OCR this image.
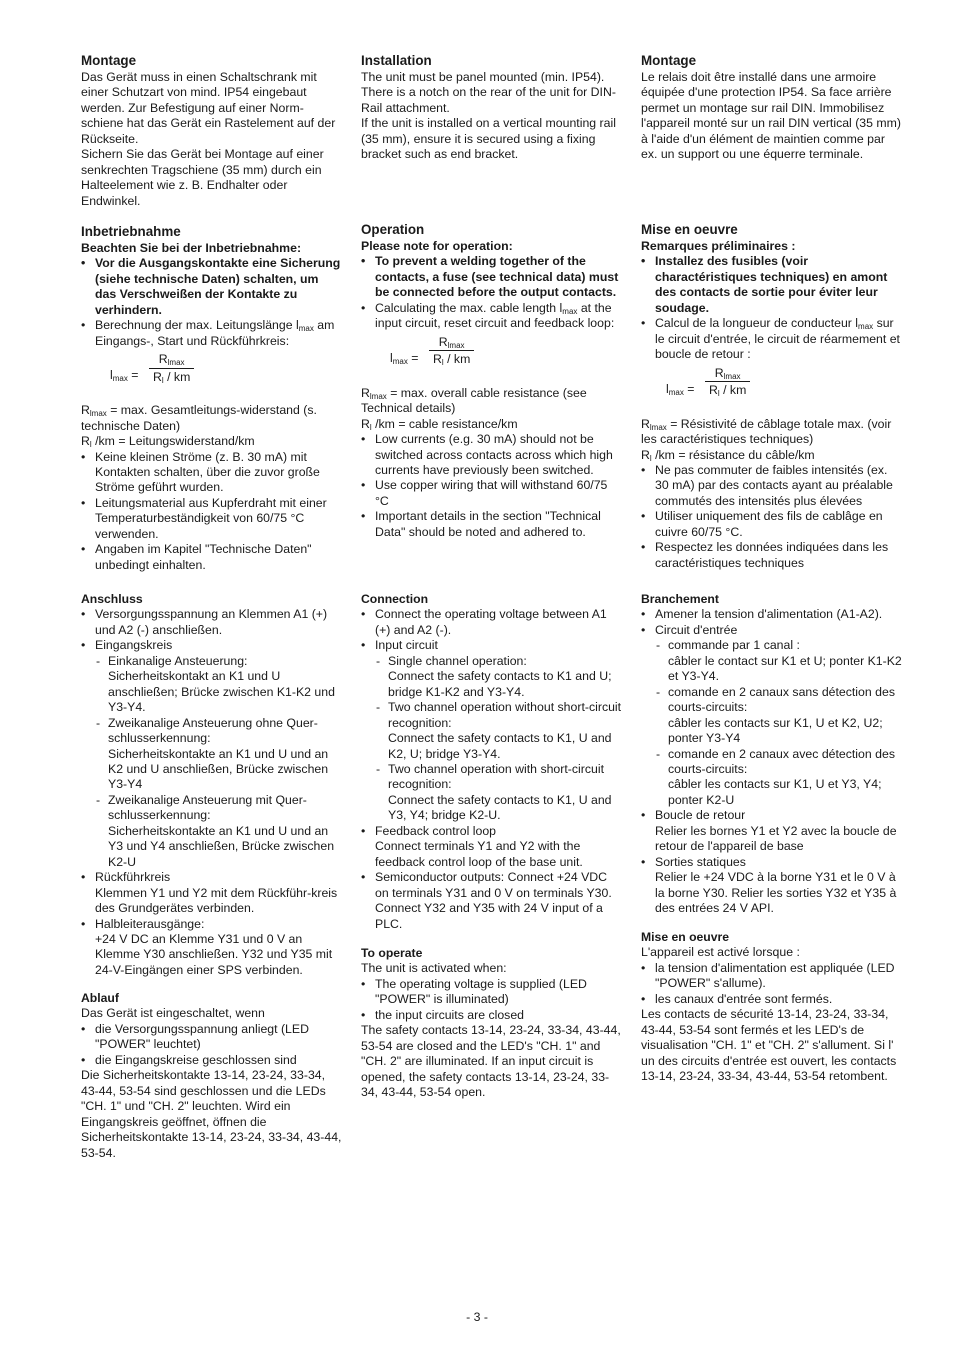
Montage

Das Gerät muss in einen Schaltschrank mit einer Schutzart von mind. IP54 eingebaut werden. Zur Befestigung auf einer Norm-schiene hat das Gerät ein Rastelement auf der Rückseite.
Sichern Sie das Gerät bei Montage auf einer senkrechten Tragschiene (35 mm) durch ein Halteelement wie z. B. Endhalter oder Endwinkel.

Inbetriebnahme

Beachten Sie bei der Inbetriebnahme:

• Vor die Ausgangskontakte eine Sicherung (siehe technische Daten) schalten, um das Verschweißen der Kontakte zu verhindern.
• Berechnung der max. Leitungslänge $l_{max}$ am Eingangs-, Start und Rückführkreis:
$l_{max}$ =
$R_{lmax}$
$R_l$ / km

$R_{lmax} = \max$. Gesamtleitungs-widerstand (s. technische Daten)

$R_l$ /km = Leitungswiderstand/km

• Keine kleinen Ströme (z. B. 30 mA) mit Kontakten schalten, über die zuvor große Ströme geführt wurden.
• Leitungsmaterial aus Kupferdraht mit einer Temperaturbeständigkeit von 60/75 °C verwenden.
• Angaben im Kapitel "Technische Daten" unbedingt einhalten.
Anschluss
• Versorgungsspannung an Klemmen A1 (+) und A2 (-) anschließen.
• Eingangskreis
- Einkanalige Ansteuerung:
Sicherheitskontakt an K1 und U anschließen; Brücke zwischen K1-K2 und Y3-Y4.
- Zweikanalige Ansteuerung ohne Quer-schlusserkennung:
Sicherheitskontakte an K1 und U und an K2 und U anschließen, Brücke zwischen Y3-Y4
- Zweikanalige Ansteuerung mit Quer-schlusserkennung:
Sicherheitskontakte an K1 und U und an Y3 und Y4 anschließen, Brücke zwischen K2-U
• Rückführkreis
Klemmen Y1 und Y2 mit dem Rückführ-kreis des Grundgerätes verbinden.
• Halbleiterausgänge:
+24 V DC an Klemme Y31 und 0 V an Klemme Y30 anschließen. Y32 und Y35 mit 24-V-Eingängen einer SPS verbinden.
Ablauf

Das Gerät ist eingeschaltet, wenn

• die Versorgungsspannung anliegt (LED "POWER" leuchtet)
• die Eingangskreise geschlossen sind

Die Sicherheitskontakte 13-14, 23-24, 33-34, 43-44, 53-54 sind geschlossen und die LEDs "CH. 1" und "CH. 2" leuchten. Wird ein Eingangskreis geöffnet, öffnen die Sicherheitskontakte 13-14, 23-24, 33-34, 43-44, 53-54.

Installation

The unit must be panel mounted (min. IP54). There is a notch on the rear of the unit for DIN-Rail attachment.
If the unit is installed on a vertical mounting rail (35 mm), ensure it is secured using a fixing bracket such as end bracket.

Operation

Please note for operation:

• To prevent a welding together of the contacts, a fuse (see technical data) must be connected before the output contacts.
• Calculating the max. cable length $l_{max}$ at the input circuit, reset circuit and feedback loop:
$l_{max}$ =
$R_{lmax}$
$R_l$ / km

$R_{lmax} = \max$. overall cable resistance (see Technical details)

$R_l$ /km = cable resistance/km

• Low currents (e.g. 30 mA) should not be switched across contacts across which high currents have previously been switched.
• Use copper wiring that will withstand 60/75 °C
• Important details in the section "Technical Data" should be noted and adhered to.
Connection
• Connect the operating voltage between A1 (+) and A2 (-).
• Input circuit
- Single channel operation:
Connect the safety contacts to K1 and U; bridge K1-K2 and Y3-Y4.
- Two channel operation without short-circuit recognition:
Connect the safety contacts to K1, U and K2, U; bridge Y3-Y4.
- Two channel operation with short-circuit recognition:
Connect the safety contacts to K1, U and Y3, Y4; bridge K2-U.
• Feedback control loop
Connect terminals Y1 and Y2 with the feedback control loop of the base unit.
• Semiconductor outputs: Connect +24 VDC on terminals Y31 and 0 V on terminals Y30. Connect Y32 and Y35 with 24 V input of a PLC.
To operate

The unit is activated when:

• The operating voltage is supplied (LED "POWER" is illuminated)
• the input circuits are closed

The safety contacts 13-14, 23-24, 33-34, 43-44, 53-54 are closed and the LED's "CH. 1" and "CH. 2" are illuminated. If an input circuit is opened, the safety contacts 13-14, 23-24, 33-34, 43-44, 53-54 open.

Montage

Le relais doit être installé dans une armoire équipée d'une protection IP54. Sa face arrière permet un montage sur rail DIN. Immobilisez l'appareil monté sur un rail DIN vertical (35 mm) à l'aide d'un élément de maintien comme par ex. un support ou une équerre terminale.

Mise en oeuvre

Remarques préliminaires :

• Installez des fusibles (voir charactéristiques techniques) en amont des contacts de sortie pour éviter leur soudage.
• Calcul de la longueur de conducteur $l_{max}$ sur le circuit d'entrée, le circuit de réarmement et boucle de retour :
$l_{max}$ =
$R_{lmax}$
$R_l$ / km

$R_{lmax}$ = Résistivité de câblage totale max. (voir les caractéristiques techniques)

$R_l$ /km = résistance du câble/km

• Ne pas commuter de faibles intensités (ex. 30 mA) par des contacts ayant au préalable commutés des intensités plus élevées
• Utiliser uniquement des fils de cablâge en cuivre 60/75 °C.
• Respectez les données indiquées dans les caractéristiques techniques
Branchement
• Amener la tension d'alimentation (A1-A2).
• Circuit d'entrée
- commande par 1 canal :
câbler le contact sur K1 et U; ponter K1-K2 et Y3-Y4.
- comande en 2 canaux sans détection des courts-circuits:
câbler les contacts sur K1, U et K2, U2; ponter Y3-Y4
- comande en 2 canaux avec détection des courts-circuits:
câbler les contacts sur K1, U et Y3, Y4; ponter K2-U
• Boucle de retour
Relier les bornes Y1 et Y2 avec la boucle de retour de l'appareil de base
• Sorties statiques
Relier le +24 VDC à la borne Y31 et le 0 V à la borne Y30. Relier les sorties Y32 et Y35 à des entrées 24 V API.
Mise en oeuvre

L'appareil est activé lorsque :

• la tension d'alimentation est appliquée (LED "POWER" s'allume).
• les canaux d'entrée sont fermés.

Les contacts de sécurité 13-14, 23-24, 33-34, 43-44, 53-54 sont fermés et les LED's de visualisation "CH. 1" et "CH. 2" s'allument. Si l' un des circuits d'entrée est ouvert, les contacts 13-14, 23-24, 33-34, 43-44, 53-54 retombent.

- 3 -
